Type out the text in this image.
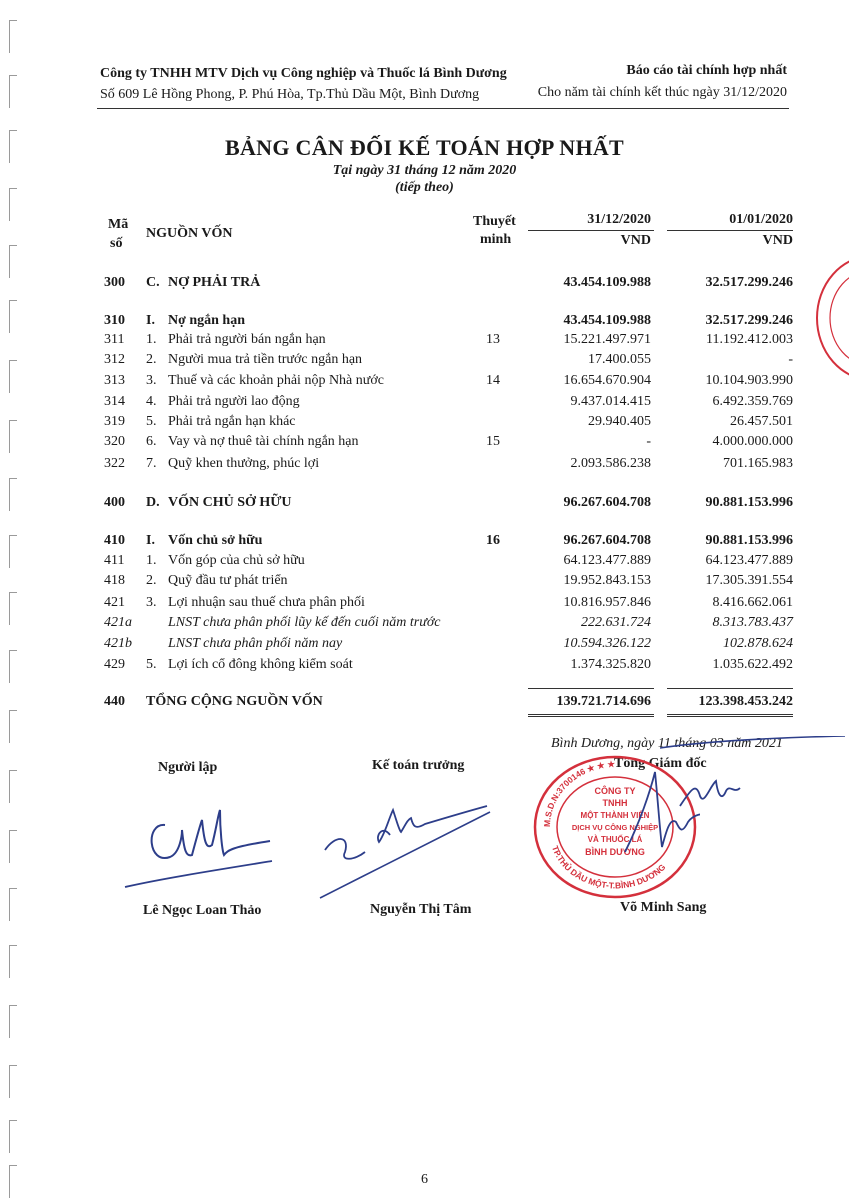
Công ty TNHH MTV Dịch vụ Công nghiệp và Thuốc lá Bình Dương
Số 609 Lê Hồng Phong, P. Phú Hòa, Tp.Thủ Dầu Một, Bình Dương
Báo cáo tài chính hợp nhất
Cho năm tài chính kết thúc ngày 31/12/2020
BẢNG CÂN ĐỐI KẾ TOÁN HỢP NHẤT
Tại ngày 31 tháng 12 năm 2020
(tiếp theo)
Mã
số
NGUỒN VỐN
Thuyết
minh
31/12/2020	01/01/2020
VND	VND
300	C. NỢ PHẢI TRẢ	43.454.109.988	32.517.299.246
310	I. Nợ ngắn hạn	43.454.109.988	32.517.299.246
311	1. Phải trả người bán ngắn hạn	13	15.221.497.971	11.192.412.003
312	2. Người mua trả tiền trước ngắn hạn	17.400.055	-
313	3. Thuế và các khoản phải nộp Nhà nước	14	16.654.670.904	10.104.903.990
314	4. Phải trả người lao động	9.437.014.415	6.492.359.769
319	5. Phải trả ngắn hạn khác	29.940.405	26.457.501
320	6. Vay và nợ thuê tài chính ngắn hạn	15	-	4.000.000.000
322	7. Quỹ khen thưởng, phúc lợi	2.093.586.238	701.165.983
400	D. VỐN CHỦ SỞ HỮU	96.267.604.708	90.881.153.996
410	I. Vốn chủ sở hữu	16	96.267.604.708	90.881.153.996
411	1. Vốn góp của chủ sở hữu	64.123.477.889	64.123.477.889
418	2. Quỹ đầu tư phát triển	19.952.843.153	17.305.391.554
421	3. Lợi nhuận sau thuế chưa phân phối	10.816.957.846	8.416.662.061
421a	LNST chưa phân phối lũy kế đến cuối năm trước	222.631.724	8.313.783.437
421b	LNST chưa phân phối năm nay	10.594.326.122	102.878.624
429	5. Lợi ích cổ đông không kiểm soát	1.374.325.820	1.035.622.492
440	TỔNG CỘNG NGUỒN VỐN	139.721.714.696	123.398.453.242
Bình Dương, ngày 11 tháng 03 năm 2021
Người lập	Kế toán trưởng	Tổng Giám đốc
CÔNG TY
TNHH
MỘT THÀNH VIÊN
DỊCH VỤ CÔNG NGHIỆP
VÀ THUỐC LÁ
BÌNH DƯƠNG
M.S.D.N:3700146 ★ ★ ★
TP.THỦ DẦU MỘT-T.BÌNH DƯƠNG
Lê Ngọc Loan Thảo	Nguyễn Thị Tâm	Võ Minh Sang
6
